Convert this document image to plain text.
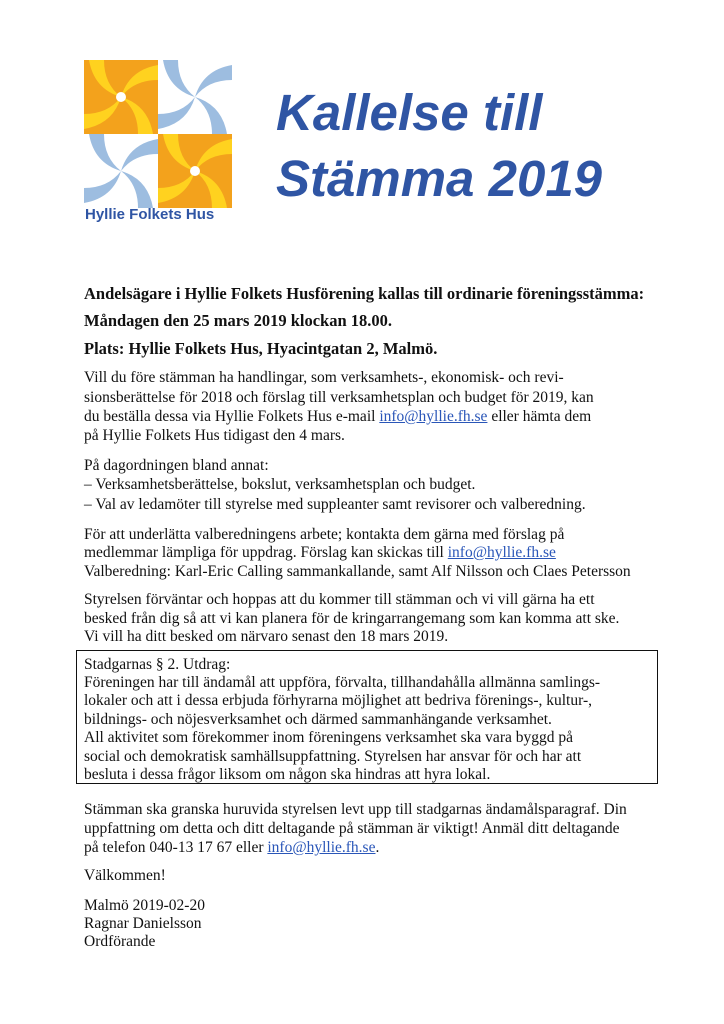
Hyllie Folkets Hus

Kallelse till
Stämma 2019

Andelsägare i Hyllie Folkets Husförening kallas till ordinarie föreningsstämma:

Måndagen den 25 mars 2019 klockan 18.00.

Plats: Hyllie Folkets Hus, Hyacintgatan 2, Malmö.

Vill du före stämman ha handlingar, som verksamhets-, ekonomisk- och revi-

sionsberättelse för 2018 och förslag till verksamhetsplan och budget för 2019, kan

du beställa dessa via Hyllie Folkets Hus e-mail info@hyllie.fh.se eller hämta dem

på Hyllie Folkets Hus tidigast den 4 mars.

På dagordningen bland annat:

– Verksamhetsberättelse, bokslut, verksamhetsplan och budget.

– Val av ledamöter till styrelse med suppleanter samt revisorer och valberedning.

För att underlätta valberedningens arbete; kontakta dem gärna med förslag på

medlemmar lämpliga för uppdrag. Förslag kan skickas till info@hyllie.fh.se

Valberedning: Karl-Eric Calling sammankallande, samt Alf Nilsson och Claes Petersson

Styrelsen förväntar och hoppas att du kommer till stämman och vi vill gärna ha ett

besked från dig så att vi kan planera för de kringarrangemang som kan komma att ske.

Vi vill ha ditt besked om närvaro senast den 18 mars 2019.

Stadgarnas § 2. Utdrag:

Föreningen har till ändamål att uppföra, förvalta, tillhandahålla allmänna samlings-

lokaler och att i dessa erbjuda förhyrarna möjlighet att bedriva förenings-, kultur-,

bildnings- och nöjesverksamhet och därmed sammanhängande verksamhet.

All aktivitet som förekommer inom föreningens verksamhet ska vara byggd på

social och demokratisk samhällsuppfattning. Styrelsen har ansvar för och har att

besluta i dessa frågor liksom om någon ska hindras att hyra lokal.

Stämman ska granska huruvida styrelsen levt upp till stadgarnas ändamålsparagraf. Din

uppfattning om detta och ditt deltagande på stämman är viktigt! Anmäl ditt deltagande

på telefon 040-13 17 67 eller info@hyllie.fh.se.

Välkommen!

Malmö 2019-02-20

Ragnar Danielsson

Ordförande
